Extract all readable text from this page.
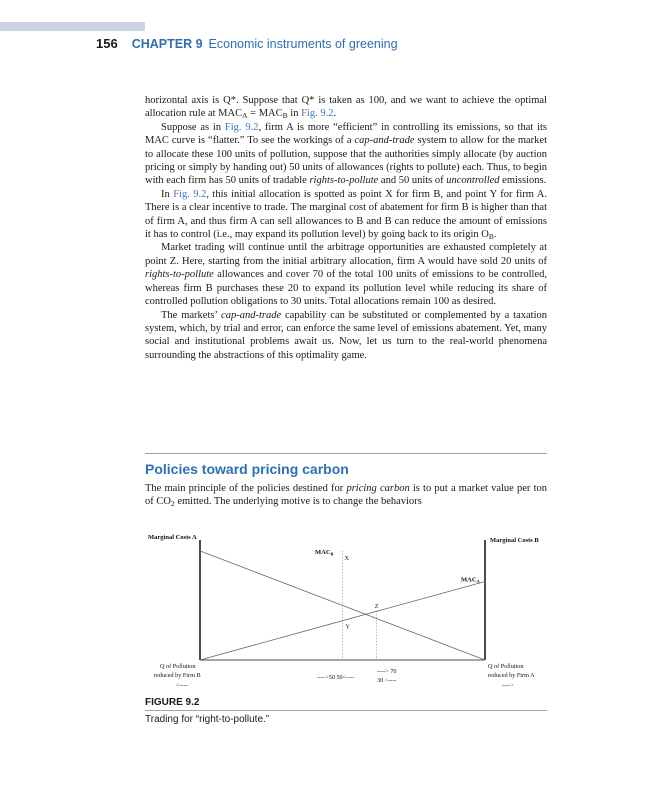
156 CHAPTER 9 Economic instruments of greening

horizontal axis is Q*. Suppose that Q* is taken as 100, and we want to achieve the optimal allocation rule at $MAC_A = MAC_B$ in Fig. 9.2.

Suppose as in Fig. 9.2, firm A is more “efficient” in controlling its emissions, so that its MAC curve is “flatter.” To see the workings of a cap-and-trade system to allow for the market to allocate these 100 units of pollution, suppose that the authorities simply allocate (by auction pricing or simply by handing out) 50 units of allowances (rights to pollute) each. Thus, to begin with each firm has 50 units of tradable rights-to-pollute and 50 units of uncontrolled emissions.

In Fig. 9.2, this initial allocation is spotted as point X for firm B, and point Y for firm A. There is a clear incentive to trade. The marginal cost of abatement for firm B is higher than that of firm A, and thus firm A can sell allowances to B and B can reduce the amount of emissions it has to control (i.e., may expand its pollution level) by going back to its origin $O_B$.

Market trading will continue until the arbitrage opportunities are exhausted completely at point Z. Here, starting from the initial arbitrary allocation, firm A would have sold 20 units of rights-to-pollute allowances and cover 70 of the total 100 units of emissions to be controlled, whereas firm B purchases these 20 to expand its pollution level while reducing its share of controlled pollution obligations to 30 units. Total allocations remain 100 as desired.

The markets’ cap-and-trade capability can be substituted or complemented by a taxation system, which, by trial and error, can enforce the same level of emissions abatement. Yet, many social and institutional problems await us. Now, let us turn to the real-world phenomena surrounding the abstractions of this optimality game.

Policies toward pricing carbon

The main principle of the policies destined for pricing carbon is to put a market value per ton of $CO_2$ emitted. The underlying motive is to change the behaviors

X
Y
Z
Marginal Costs A	Marginal Costs B
$MAC_B$
$MAC_A$
Q of Pollution
reduced by Firm B
<----
Q of Pollution
reduced by Firm A
---->
---->50 50<----
----> 70
30 <----
FIGURE 9.2
Trading for “right-to-pollute.”
